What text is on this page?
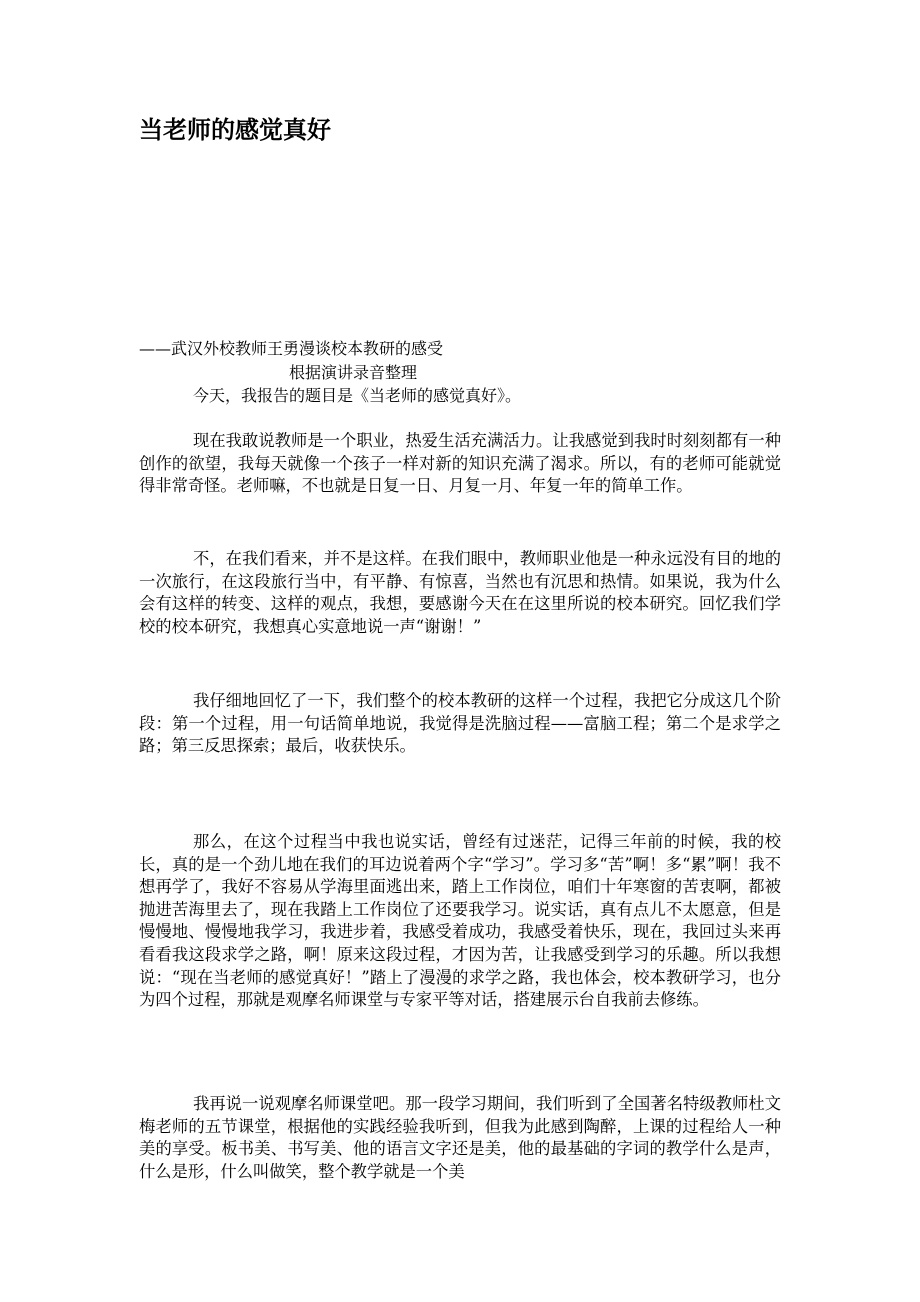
当老师的感觉真好
——武汉外校教师王勇漫谈校本教研的感受
根据演讲录音整理
今天，我报告的题目是《当老师的感觉真好》。

现在我敢说教师是一个职业，热爱生活充满活力。让我感觉到我时时刻刻都有一种创作的欲望，我每天就像一个孩子一样对新的知识充满了渴求。所以，有的老师可能就觉得非常奇怪。老师嘛，不也就是日复一日、月复一月、年复一年的简单工作。

不，在我们看来，并不是这样。在我们眼中，教师职业他是一种永远没有目的地的一次旅行，在这段旅行当中，有平静、有惊喜，当然也有沉思和热情。如果说，我为什么会有这样的转变、这样的观点，我想，要感谢今天在在这里所说的校本研究。回忆我们学校的校本研究，我想真心实意地说一声“谢谢！”

我仔细地回忆了一下，我们整个的校本教研的这样一个过程，我把它分成这几个阶段：第一个过程，用一句话简单地说，我觉得是洗脑过程——富脑工程；第二个是求学之路；第三反思探索；最后，收获快乐。

那么，在这个过程当中我也说实话，曾经有过迷茫，记得三年前的时候，我的校长，真的是一个劲儿地在我们的耳边说着两个字“学习”。学习多“苦”啊！多“累”啊！我不想再学了，我好不容易从学海里面逃出来，踏上工作岗位，咱们十年寒窗的苦衷啊，都被抛进苦海里去了，现在我踏上工作岗位了还要我学习。说实话，真有点儿不太愿意，但是慢慢地、慢慢地我学习，我进步着，我感受着成功，我感受着快乐，现在，我回过头来再看看我这段求学之路，啊！原来这段过程，才因为苦，让我感受到学习的乐趣。所以我想说：“现在当老师的感觉真好！”踏上了漫漫的求学之路，我也体会，校本教研学习，也分为四个过程，那就是观摩名师课堂与专家平等对话，搭建展示台自我前去修练。

我再说一说观摩名师课堂吧。那一段学习期间，我们听到了全国著名特级教师杜文梅老师的五节课堂，根据他的实践经验我听到，但我为此感到陶醉，上课的过程给人一种美的享受。板书美、书写美、他的语言文字还是美，他的最基础的字词的教学什么是声，什么是形，什么叫做笑，整个教学就是一个美
